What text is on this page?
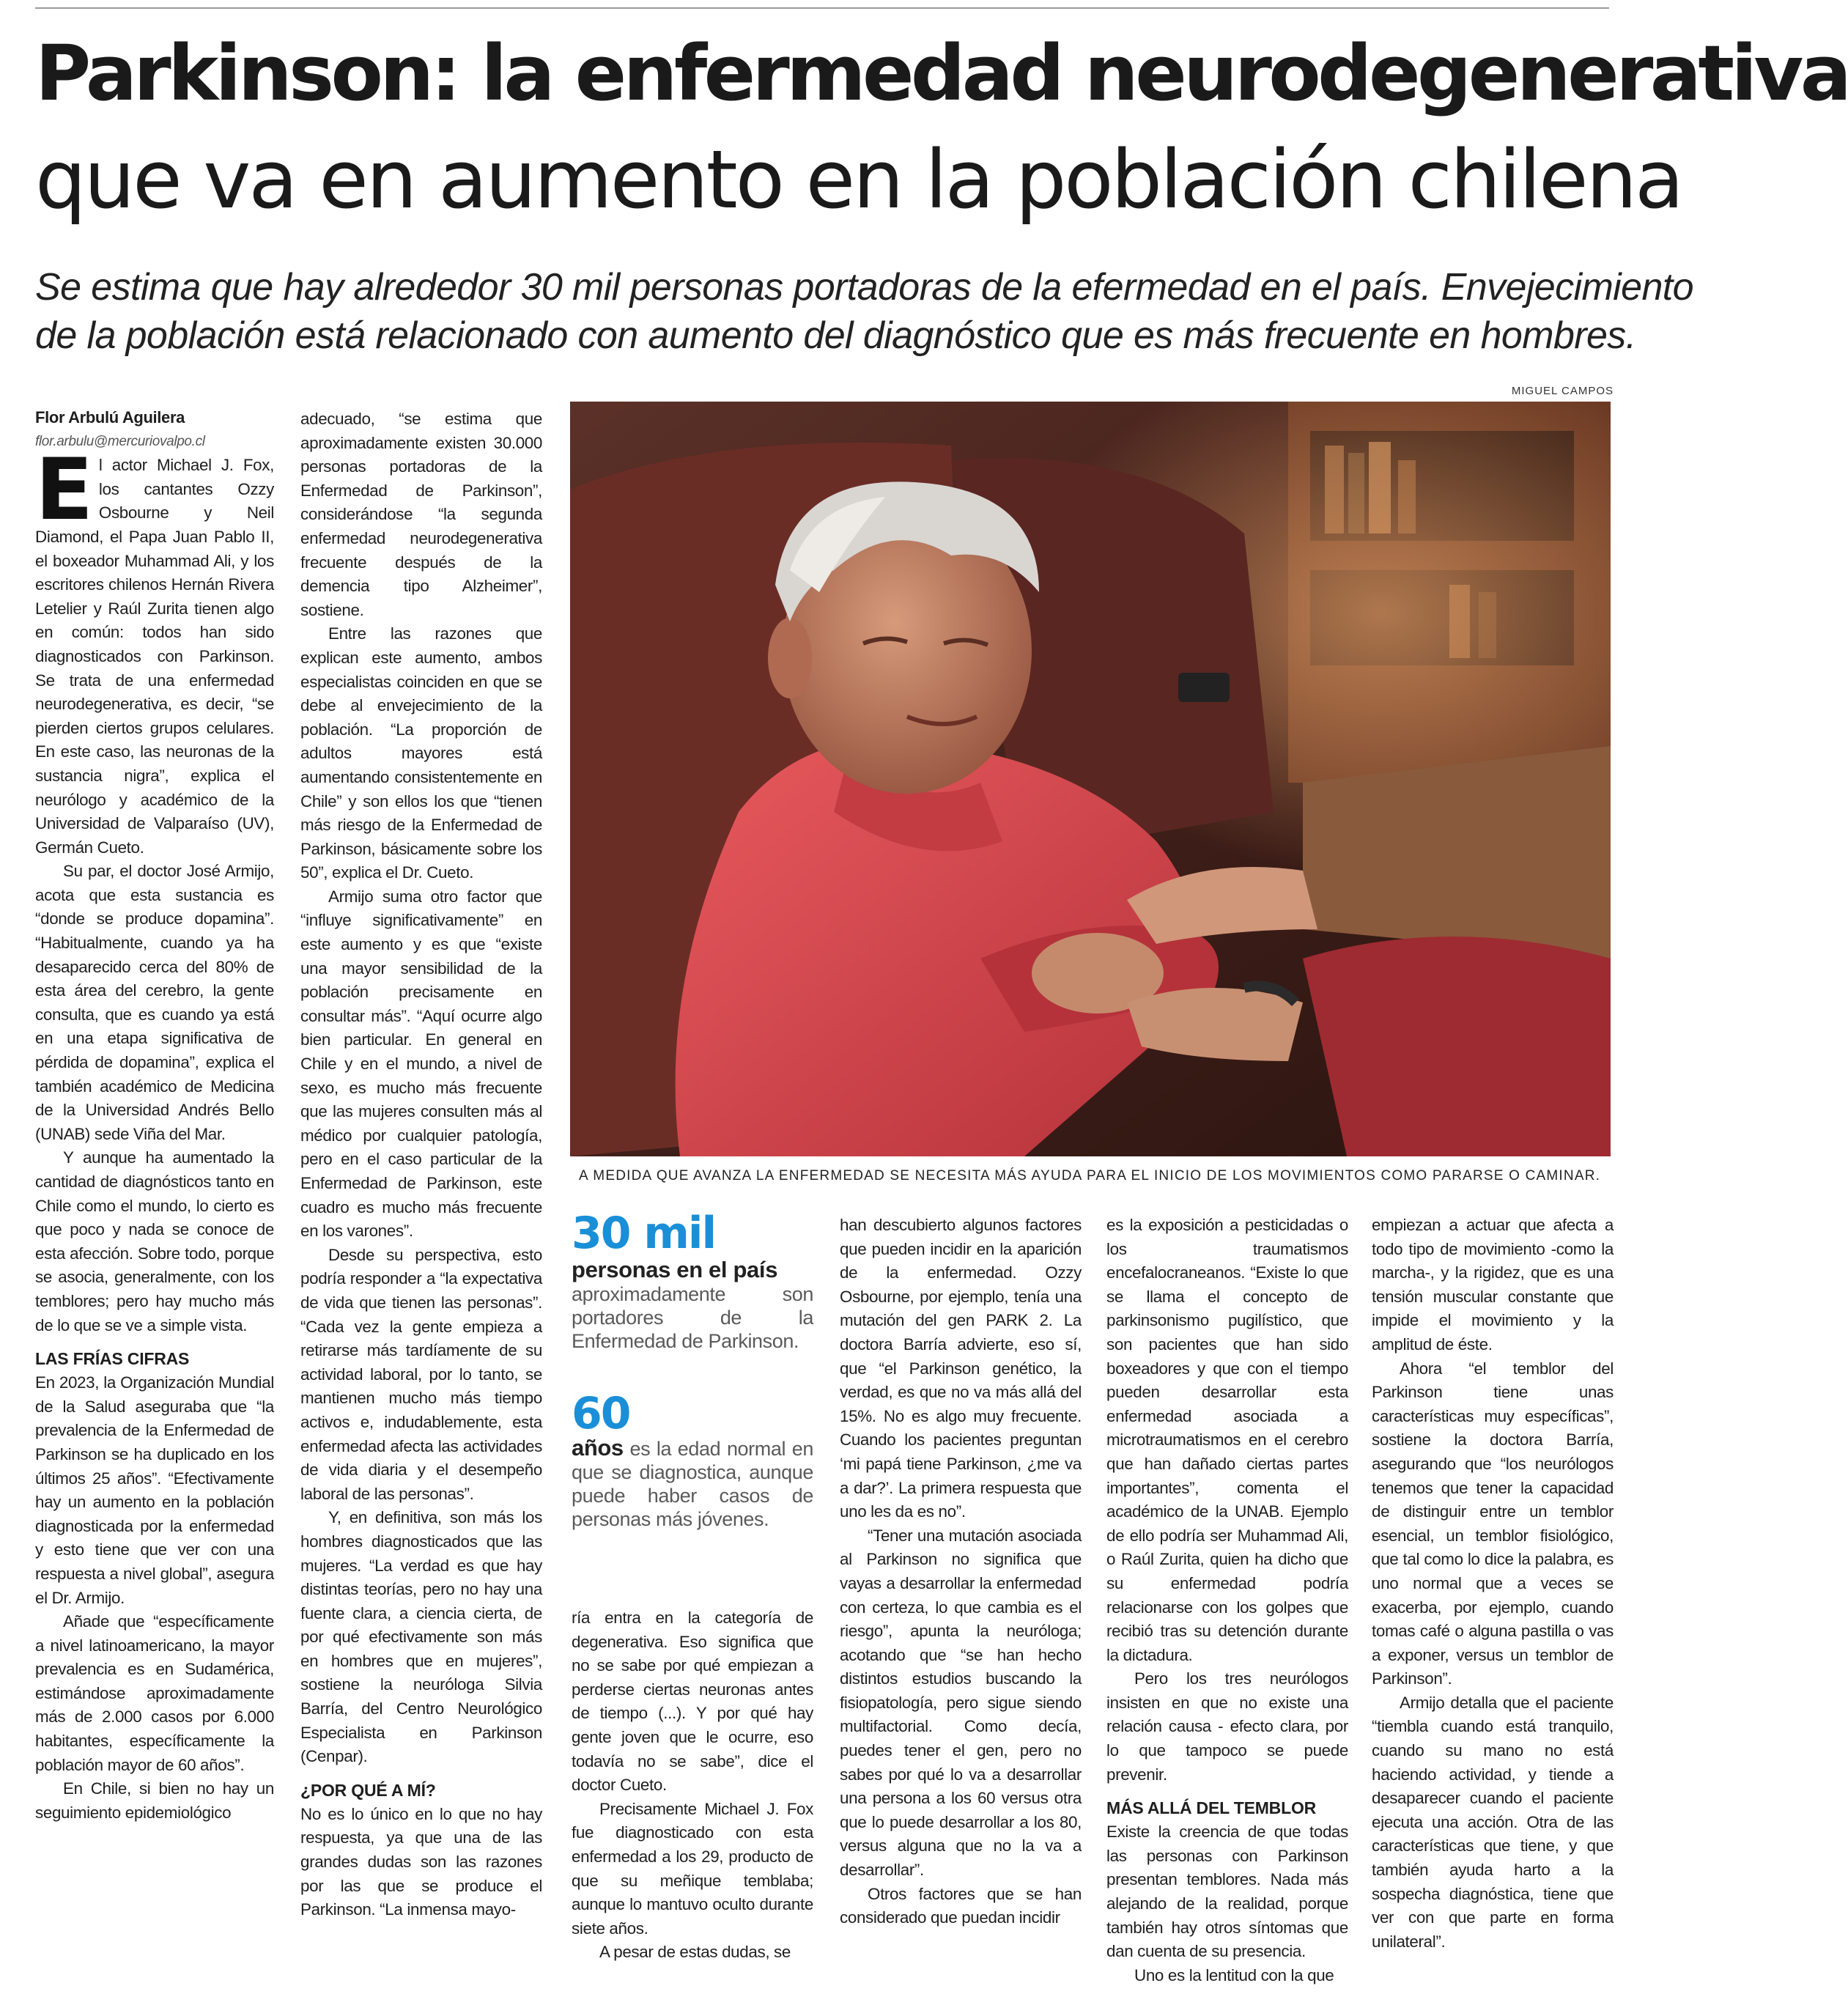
Parkinson: la enfermedad neurodegenerativa
que va en aumento en la población chilena

Se estima que hay alrededor 30 mil personas portadoras de la efermedad en el país. Envejecimiento

de la población está relacionado con aumento del diagnóstico que es más frecuente en hombres.

MIGUEL CAMPOS
A MEDIDA QUE AVANZA LA ENFERMEDAD SE NECESITA MÁS AYUDA PARA EL INICIO DE LOS MOVIMIENTOS COMO PARARSE O CAMINAR.

Flor Arbulú Aguilera

flor.arbulu@mercuriovalpo.cl

El actor Michael J. Fox, los cantantes Ozzy Osbourne y Neil Diamond, el Papa Juan Pablo II, el boxeador Muhammad Ali, y los escritores chilenos Hernán Rivera Letelier y Raúl Zurita tienen algo en común: todos han sido diagnosticados con Parkinson. Se trata de una enfermedad neurodegenerativa, es decir, “se pierden ciertos grupos celulares. En este caso, las neuronas de la sustancia nigra”, explica el neurólogo y académico de la Universidad de Valparaíso (UV), Germán Cueto.

Su par, el doctor José Armijo, acota que esta sustancia es “donde se produce dopamina”. “Habitualmente, cuando ya ha desaparecido cerca del 80% de esta área del cerebro, la gente consulta, que es cuando ya está en una etapa significativa de pérdida de dopamina”, explica el también académico de Medicina de la Universidad Andrés Bello (UNAB) sede Viña del Mar.

Y aunque ha aumentado la cantidad de diagnósticos tanto en Chile como el mundo, lo cierto es que poco y nada se conoce de esta afección. Sobre todo, porque se asocia, generalmente, con los temblores; pero hay mucho más de lo que se ve a simple vista.

LAS FRÍAS CIFRAS

En 2023, la Organización Mundial de la Salud aseguraba que “la prevalencia de la Enfermedad de Parkinson se ha duplicado en los últimos 25 años”. “Efectivamente hay un aumento en la población diagnosticada por la enfermedad y esto tiene que ver con una respuesta a nivel global”, asegura el Dr. Armijo.

Añade que “específicamente a nivel latinoamericano, la mayor prevalencia es en Sudamérica, estimándose aproximadamente más de 2.000 casos por 6.000 habitantes, específicamente la población mayor de 60 años”.

En Chile, si bien no hay un seguimiento epidemiológico

adecuado, “se estima que aproximadamente existen 30.000 personas portadoras de la Enfermedad de Parkinson”, considerándose “la segunda enfermedad neurodegenerativa frecuente después de la demencia tipo Alzheimer”, sostiene.

Entre las razones que explican este aumento, ambos especialistas coinciden en que se debe al envejecimiento de la población. “La proporción de adultos mayores está aumentando consistentemente en Chile” y son ellos los que “tienen más riesgo de la Enfermedad de Parkinson, básicamente sobre los 50”, explica el Dr. Cueto.

Armijo suma otro factor que “influye significativamente” en este aumento y es que “existe una mayor sensibilidad de la población precisamente en consultar más”. “Aquí ocurre algo bien particular. En general en Chile y en el mundo, a nivel de sexo, es mucho más frecuente que las mujeres consulten más al médico por cualquier patología, pero en el caso particular de la Enfermedad de Parkinson, este cuadro es mucho más frecuente en los varones”.

Desde su perspectiva, esto podría responder a “la expectativa de vida que tienen las personas”. “Cada vez la gente empieza a retirarse más tardíamente de su actividad laboral, por lo tanto, se mantienen mucho más tiempo activos e, indudablemente, esta enfermedad afecta las actividades de vida diaria y el desempeño laboral de las personas”.

Y, en definitiva, son más los hombres diagnosticados que las mujeres. “La verdad es que hay distintas teorías, pero no hay una fuente clara, a ciencia cierta, de por qué efectivamente son más en hombres que en mujeres”, sostiene la neuróloga Silvia Barría, del Centro Neurológico Especialista en Parkinson (Cenpar).

¿POR QUÉ A MÍ?

No es lo único en lo que no hay respuesta, ya que una de las grandes dudas son las razones por las que se produce el Parkinson. “La inmensa mayo-

30 mil

personas en el país

aproximadamente son portadores de la Enfermedad de Parkinson.

60

años es la edad normal en que se diagnostica, aunque puede haber casos de personas más jóvenes.

ría entra en la categoría de degenerativa. Eso significa que no se sabe por qué empiezan a perderse ciertas neuronas antes de tiempo (...). Y por qué hay gente joven que le ocurre, eso todavía no se sabe”, dice el doctor Cueto.

Precisamente Michael J. Fox fue diagnosticado con esta enfermedad a los 29, producto de que su meñique temblaba; aunque lo mantuvo oculto durante siete años.

A pesar de estas dudas, se

han descubierto algunos factores que pueden incidir en la aparición de la enfermedad. Ozzy Osbourne, por ejemplo, tenía una mutación del gen PARK 2. La doctora Barría advierte, eso sí, que “el Parkinson genético, la verdad, es que no va más allá del 15%. No es algo muy frecuente. Cuando los pacientes preguntan ‘mi papá tiene Parkinson, ¿me va a dar?’. La primera respuesta que uno les da es no”.

“Tener una mutación asociada al Parkinson no significa que vayas a desarrollar la enfermedad con certeza, lo que cambia es el riesgo”, apunta la neuróloga; acotando que “se han hecho distintos estudios buscando la fisiopatología, pero sigue siendo multifactorial. Como decía, puedes tener el gen, pero no sabes por qué lo va a desarrollar una persona a los 60 versus otra que lo puede desarrollar a los 80, versus alguna que no la va a desarrollar”.

Otros factores que se han considerado que puedan incidir

es la exposición a pesticidadas o los traumatismos encefalocraneanos. “Existe lo que se llama el concepto de parkinsonismo pugilístico, que son pacientes que han sido boxeadores y que con el tiempo pueden desarrollar esta enfermedad asociada a microtraumatismos en el cerebro que han dañado ciertas partes importantes”, comenta el académico de la UNAB. Ejemplo de ello podría ser Muhammad Ali, o Raúl Zurita, quien ha dicho que su enfermedad podría relacionarse con los golpes que recibió tras su detención durante la dictadura.

Pero los tres neurólogos insisten en que no existe una relación causa - efecto clara, por lo que tampoco se puede prevenir.

MÁS ALLÁ DEL TEMBLOR

Existe la creencia de que todas las personas con Parkinson presentan temblores. Nada más alejando de la realidad, porque también hay otros síntomas que dan cuenta de su presencia.

Uno es la lentitud con la que

empiezan a actuar que afecta a todo tipo de movimiento -como la marcha-, y la rigidez, que es una tensión muscular constante que impide el movimiento y la amplitud de éste.

Ahora “el temblor del Parkinson tiene unas características muy específicas”, sostiene la doctora Barría, asegurando que “los neurólogos tenemos que tener la capacidad de distinguir entre un temblor esencial, un temblor fisiológico, que tal como lo dice la palabra, es uno normal que a veces se exacerba, por ejemplo, cuando tomas café o alguna pastilla o vas a exponer, versus un temblor de Parkinson”.

Armijo detalla que el paciente “tiembla cuando está tranquilo, cuando su mano no está haciendo actividad, y tiende a desaparecer cuando el paciente ejecuta una acción. Otra de las características que tiene, y que también ayuda harto a la sospecha diagnóstica, tiene que ver con que parte en forma unilateral”.
